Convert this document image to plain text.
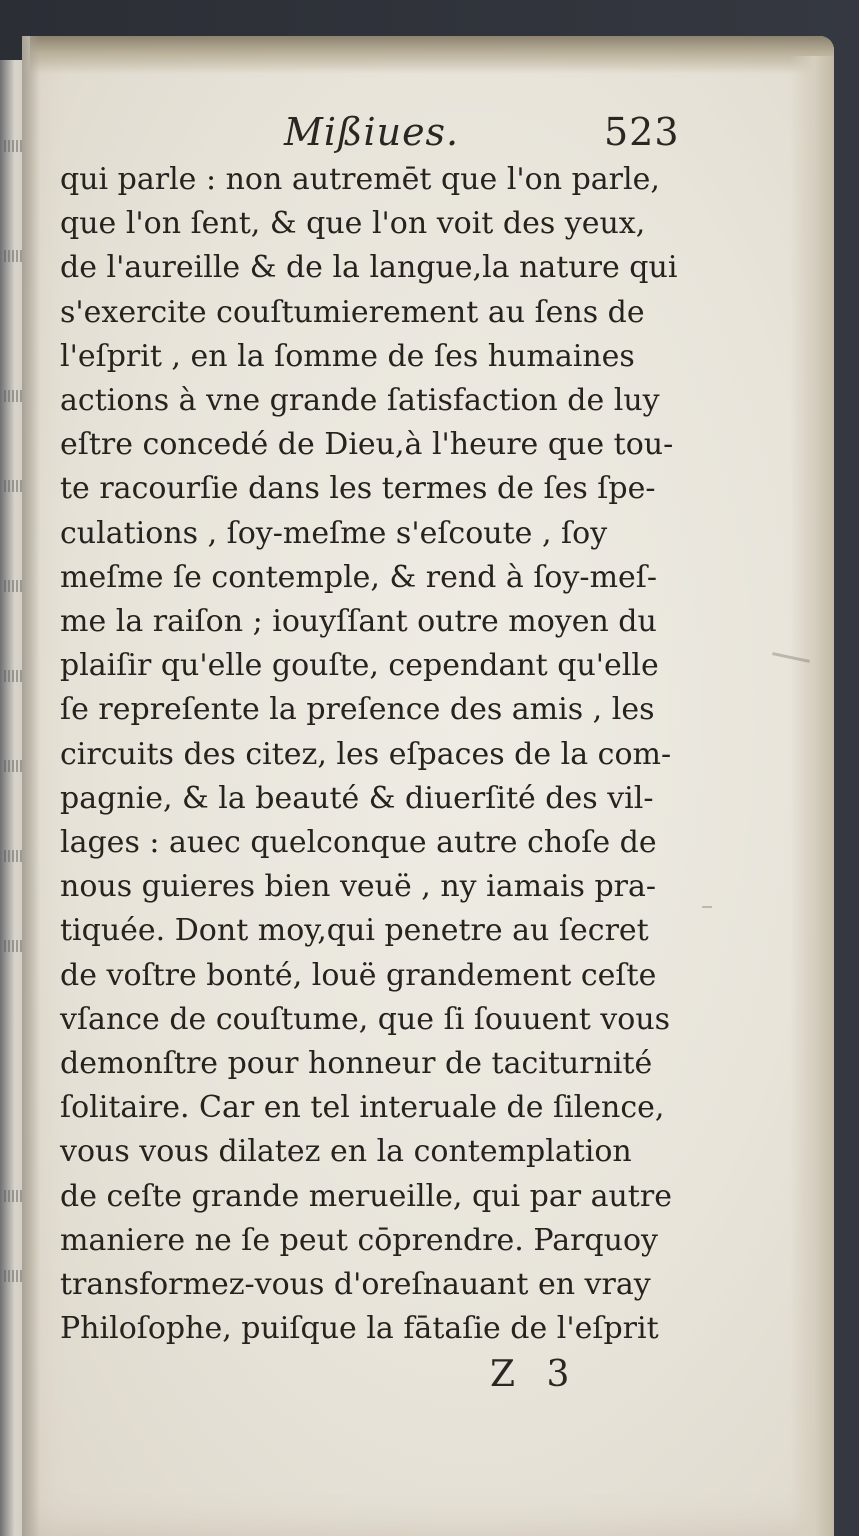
Mißiues.	523
qui parle : non autremēt que l'on parle,
que l'on ſent, & que l'on voit des yeux,
de l'aureille & de la langue,la nature qui
s'exercite couſtumierement au ſens de
l'eſprit , en la ſomme de ſes humaines
actions à vne grande ſatisfaction de luy
eſtre concedé de Dieu,à l'heure que tou-
te racourſie dans les termes de ſes ſpe-
culations , ſoy-meſme s'eſcoute , ſoy
meſme ſe contemple, & rend à ſoy-meſ-
me la raiſon ; iouyſſant outre moyen du
plaiſir qu'elle gouſte, cependant qu'elle
ſe repreſente la preſence des amis , les
circuits des citez, les eſpaces de la com-
pagnie, & la beauté & diuerſité des vil-
lages : auec quelconque autre choſe de
nous guieres bien veuë , ny iamais pra-
tiquée. Dont moy,qui penetre au ſecret
de voſtre bonté, louë grandement ceſte
vſance de couſtume, que ſi ſouuent vous
demonſtre pour honneur de taciturnité
ſolitaire. Car en tel interuale de ſilence,
vous vous dilatez en la contemplation
de ceſte grande merueille, qui par autre
maniere ne ſe peut cōprendre. Parquoy
transformez-vous d'oreſnauant en vray
Philoſophe, puiſque la fātaſie de l'eſprit
Z 3
